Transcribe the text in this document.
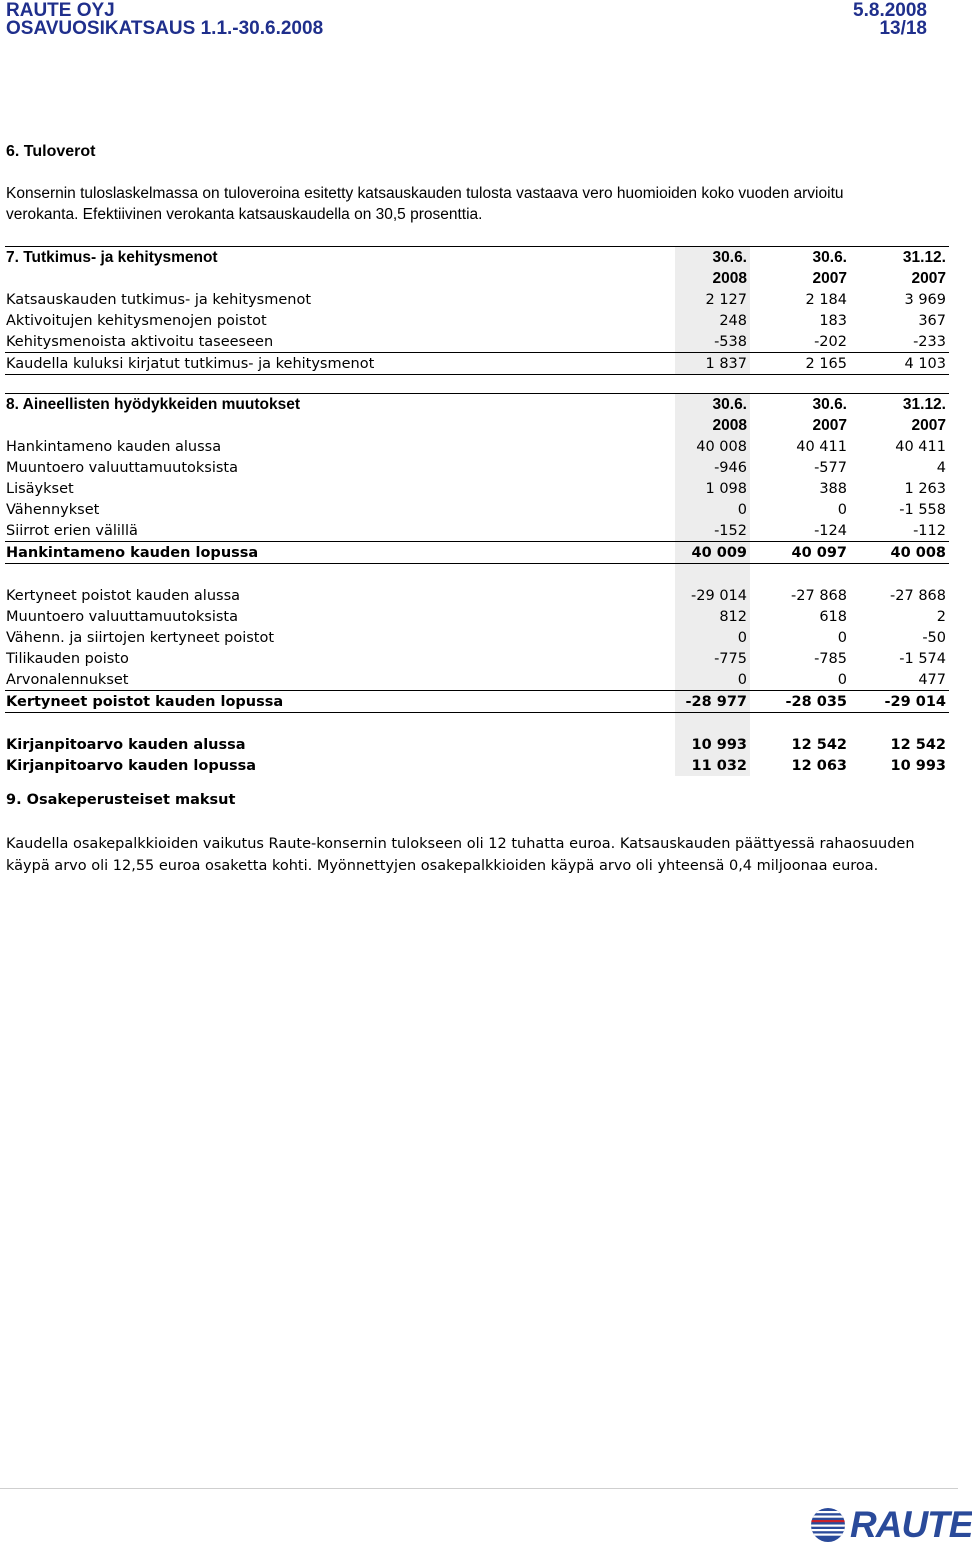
RAUTE OYJ
OSAVUOSIKATSAUS 1.1.-30.6.2008
5.8.2008
13/18
6. Tuloverot
Konsernin tuloslaskelmassa on tuloveroina esitetty katsauskauden tulosta vastaava vero huomioiden koko vuoden arvioitu verokanta. Efektiivinen verokanta katsauskaudella on 30,5 prosenttia.
7. Tutkimus- ja kehitysmenot	30.6.	30.6.	31.12.
	2008	2007	2007
Katsauskauden tutkimus- ja kehitysmenot	2 127	2 184	3 969
Aktivoitujen kehitysmenojen poistot	248	183	367
Kehitysmenoista aktivoitu taseeseen	-538	-202	-233
Kaudella kuluksi kirjatut tutkimus- ja kehitysmenot	1 837	2 165	4 103
8. Aineellisten hyödykkeiden muutokset	30.6.	30.6.	31.12.
	2008	2007	2007
Hankintameno kauden alussa	40 008	40 411	40 411
Muuntoero valuuttamuutoksista	-946	-577	4
Lisäykset	1 098	388	1 263
Vähennykset	0	0	-1 558
Siirrot erien välillä	-152	-124	-112
Hankintameno kauden lopussa	40 009	40 097	40 008

Kertyneet poistot kauden alussa	-29 014	-27 868	-27 868
Muuntoero valuuttamuutoksista	812	618	2
Vähenn. ja siirtojen kertyneet poistot	0	0	-50
Tilikauden poisto	-775	-785	-1 574
Arvonalennukset	0	0	477
Kertyneet poistot kauden lopussa	-28 977	-28 035	-29 014

Kirjanpitoarvo kauden alussa	10 993	12 542	12 542
Kirjanpitoarvo kauden lopussa	11 032	12 063	10 993
9. Osakeperusteiset maksut
Kaudella osakepalkkioiden vaikutus Raute-konsernin tulokseen oli 12 tuhatta euroa. Katsauskauden päättyessä rahaosuuden käypä arvo oli 12,55 euroa osaketta kohti. Myönnettyjen osakepalkkioiden käypä arvo oli yhteensä 0,4 miljoonaa euroa.
RAUTE
